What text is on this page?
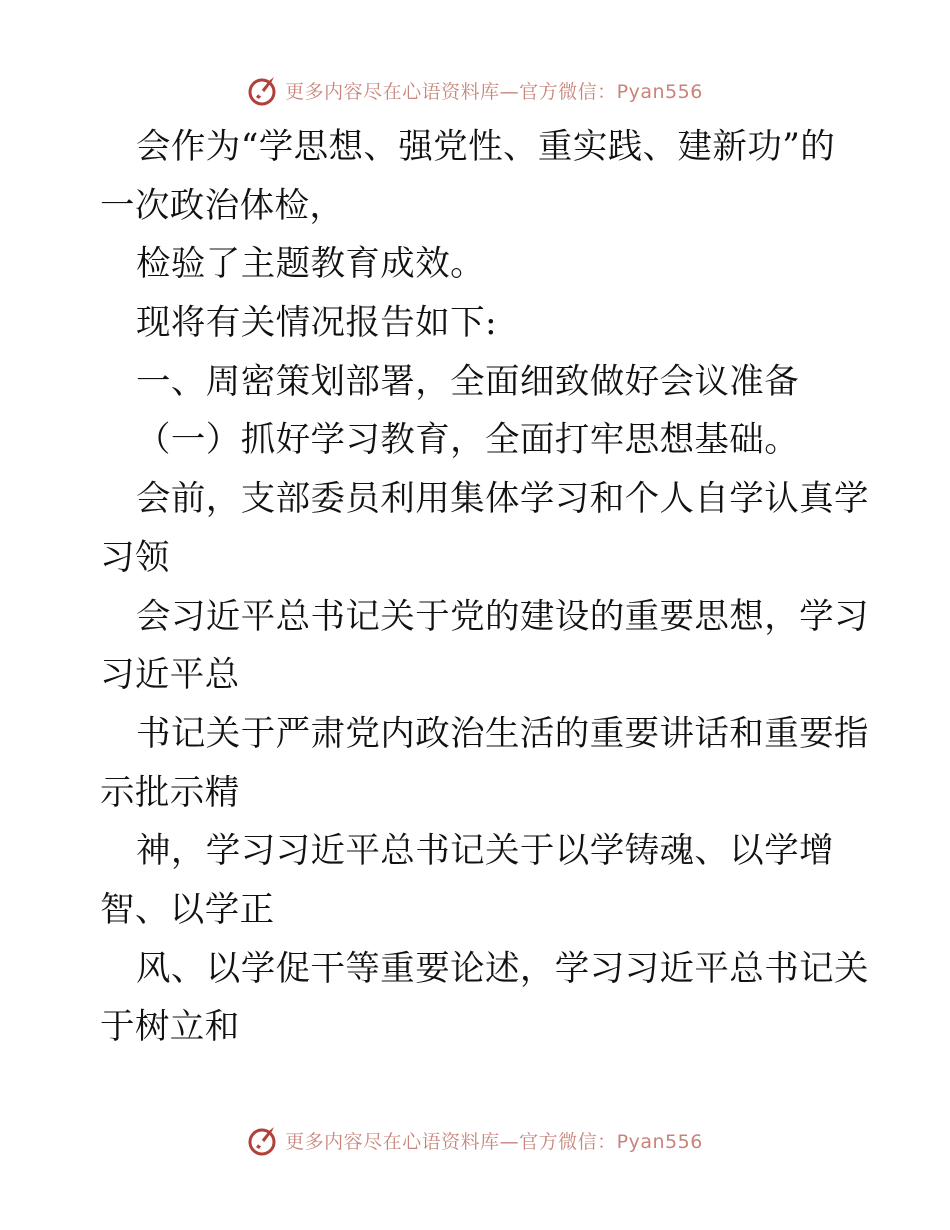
更多内容尽在心语资料库—官方微信：Pyan556
会作为“学思想、强党性、重实践、建新功”的
一次政治体检，
检验了主题教育成效。
现将有关情况报告如下:
一、周密策划部署，全面细致做好会议准备
（一）抓好学习教育，全面打牢思想基础。
会前，支部委员利用集体学习和个人自学认真学
习领
会习近平总书记关于党的建设的重要思想，学习
习近平总
书记关于严肃党内政治生活的重要讲话和重要指
示批示精
神，学习习近平总书记关于以学铸魂、以学增
智、以学正
风、以学促干等重要论述，学习习近平总书记关
于树立和
更多内容尽在心语资料库—官方微信：Pyan556
